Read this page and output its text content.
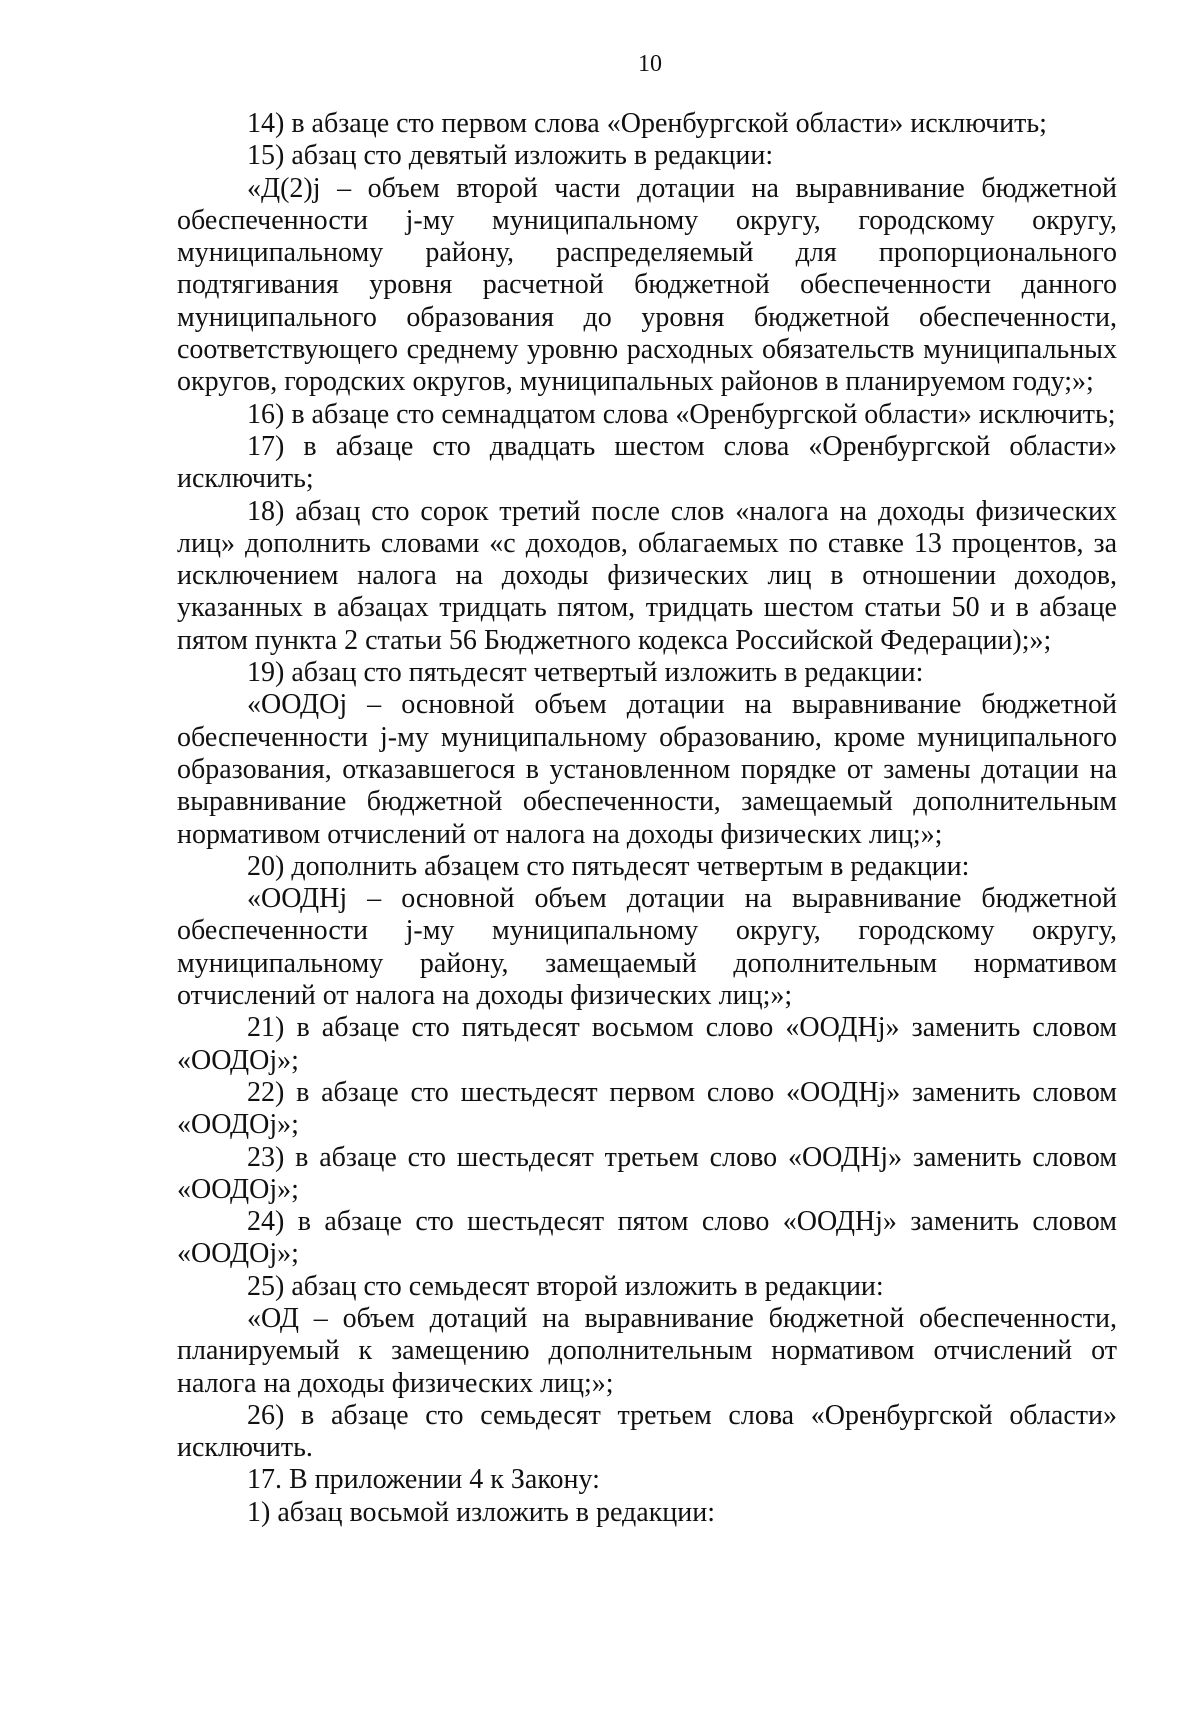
10

14) в абзаце сто первом слова «Оренбургской области» исключить;

15) абзац сто девятый изложить в редакции:

«Д(2)j – объем второй части дотации на выравнивание бюджетной обеспеченности j-му муниципальному округу, городскому округу, муниципальному району, распределяемый для пропорционального подтягивания уровня расчетной бюджетной обеспеченности данного муниципального образования до уровня бюджетной обеспеченности, соответствующего среднему уровню расходных обязательств муниципальных округов, городских округов, муниципальных районов в планируемом году;»;

16) в абзаце сто семнадцатом слова «Оренбургской области» исключить;

17) в абзаце сто двадцать шестом слова «Оренбургской области» исключить;

18) абзац сто сорок третий после слов «налога на доходы физических лиц» дополнить словами «с доходов, облагаемых по ставке 13 процентов, за исключением налога на доходы физических лиц в отношении доходов, указанных в абзацах тридцать пятом, тридцать шестом статьи 50 и в абзаце пятом пункта 2 статьи 56 Бюджетного кодекса Российской Федерации);»;

19) абзац сто пятьдесят четвертый изложить в редакции:

«ООДОj – основной объем дотации на выравнивание бюджетной обеспеченности j-му муниципальному образованию, кроме муниципального образования, отказавшегося в установленном порядке от замены дотации на выравнивание бюджетной обеспеченности, замещаемый дополнительным нормативом отчислений от налога на доходы физических лиц;»;

20) дополнить абзацем сто пятьдесят четвертым в редакции:

«ООДНj – основной объем дотации на выравнивание бюджетной обеспеченности j-му муниципальному округу, городскому округу, муниципальному району, замещаемый дополнительным нормативом отчислений от налога на доходы физических лиц;»;

21) в абзаце сто пятьдесят восьмом слово «ООДНj» заменить словом «ООДОj»;

22) в абзаце сто шестьдесят первом слово «ООДНj» заменить словом «ООДОj»;

23) в абзаце сто шестьдесят третьем слово «ООДНj» заменить словом «ООДОj»;

24) в абзаце сто шестьдесят пятом слово «ООДНj» заменить словом «ООДОj»;

25) абзац сто семьдесят второй изложить в редакции:

«ОД – объем дотаций на выравнивание бюджетной обеспеченности, планируемый к замещению дополнительным нормативом отчислений от налога на доходы физических лиц;»;

26) в абзаце сто семьдесят третьем слова «Оренбургской области» исключить.

17. В приложении 4 к Закону:

1) абзац восьмой изложить в редакции:
